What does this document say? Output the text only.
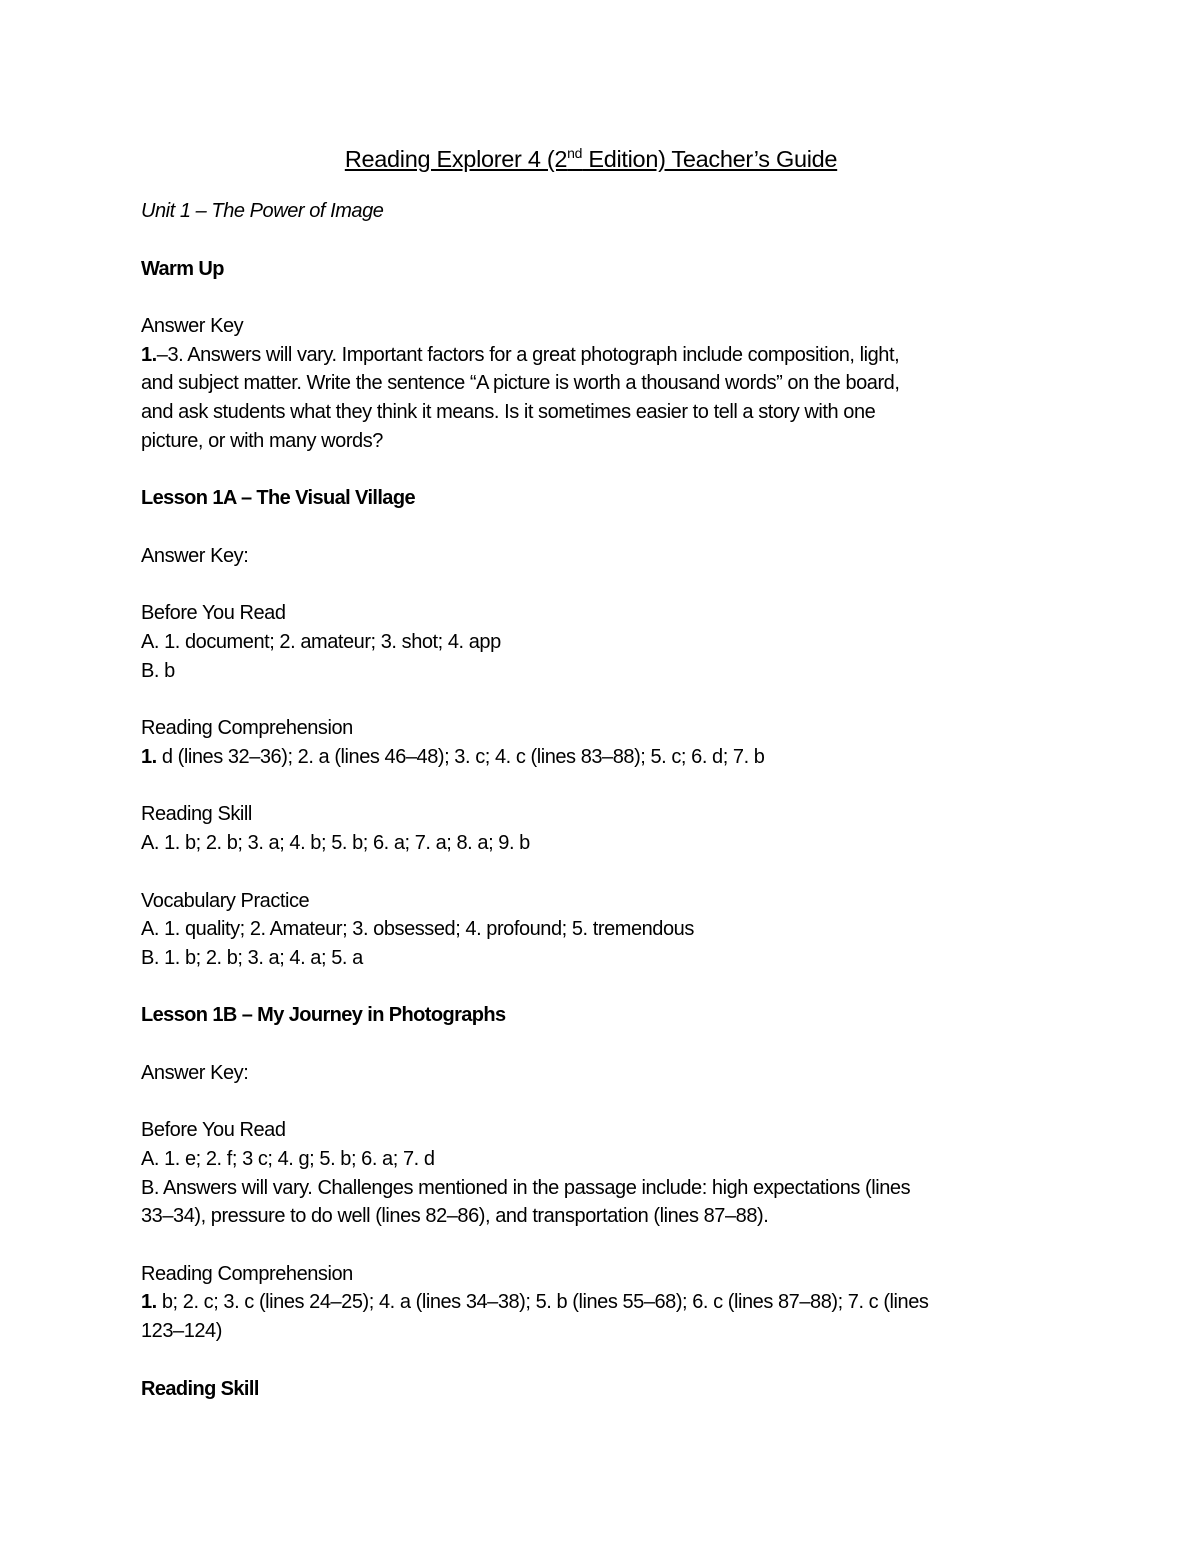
Reading Explorer 4 (2nd Edition) Teacher’s Guide
Unit 1 – The Power of Image
Warm Up
Answer Key
1.–3. Answers will vary. Important factors for a great photograph include composition, light,
and subject matter. Write the sentence “A picture is worth a thousand words” on the board,
and ask students what they think it means. Is it sometimes easier to tell a story with one
picture, or with many words?
Lesson 1A – The Visual Village
Answer Key:
Before You Read
A. 1. document; 2. amateur; 3. shot; 4. app
B. b
Reading Comprehension
1. d (lines 32–36); 2. a (lines 46–48); 3. c; 4. c (lines 83–88); 5. c; 6. d; 7. b
Reading Skill
A. 1. b; 2. b; 3. a; 4. b; 5. b; 6. a; 7. a; 8. a; 9. b
Vocabulary Practice
A. 1. quality; 2. Amateur; 3. obsessed; 4. profound; 5. tremendous
B. 1. b; 2. b; 3. a; 4. a; 5. a
Lesson 1B – My Journey in Photographs
Answer Key:
Before You Read
A. 1. e; 2. f; 3 c; 4. g; 5. b; 6. a; 7. d
B. Answers will vary. Challenges mentioned in the passage include: high expectations (lines
33–34), pressure to do well (lines 82–86), and transportation (lines 87–88).
Reading Comprehension
1. b; 2. c; 3. c (lines 24–25); 4. a (lines 34–38); 5. b (lines 55–68); 6. c (lines 87–88); 7. c (lines
123–124)
Reading Skill
